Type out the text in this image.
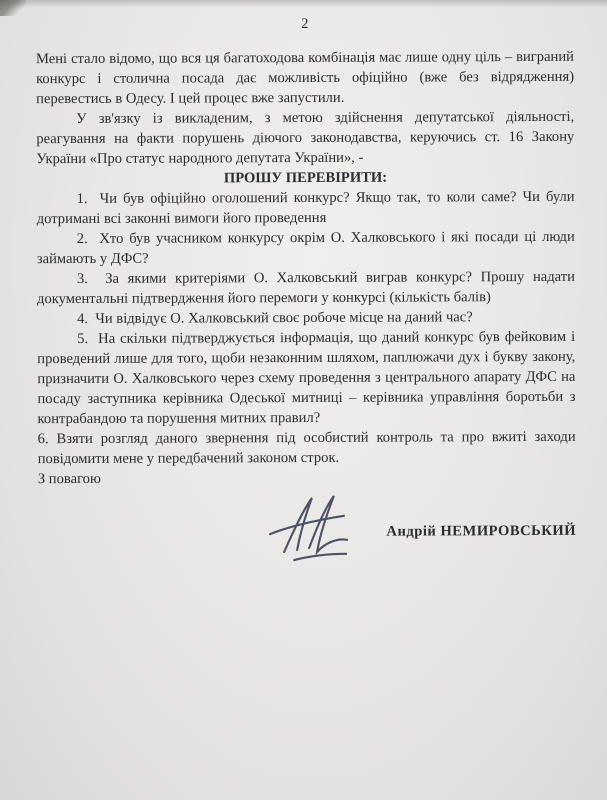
2

Мені стало відомо, що вся ця багатоходова комбінація має лише одну ціль – виграний конкурс і столична посада дає можливість офіційно (вже без відрядження) перевестись в Одесу. І цей процес вже запустили.

У зв'язку із викладеним, з метою здійснення депутатської діяльності, реагування на факти порушень діючого законодавства, керуючись ст. 16 Закону України «Про статус народного депутата України», -

ПРОШУ ПЕРЕВІРИТИ:

1.  Чи був офіційно оголошений конкурс? Якщо так, то коли саме? Чи були дотримані всі законні вимоги його проведення

2.  Хто був учасником конкурсу окрім О. Халковського і які посади ці люди займають у ДФС?

3.  За якими критеріями О. Халковський виграв конкурс? Прошу надати документальні підтвердження його перемоги у конкурсі (кількість балів)

4.  Чи відвідує О. Халковський своє робоче місце на даний час?

5.  На скільки підтверджується інформація, що даний конкурс був фейковим і проведений лише для того, щоби незаконним шляхом, паплюжачи дух і букву закону, призначити О. Халковського через схему проведення з центрального апарату ДФС на посаду заступника керівника Одеської митниці – керівника управління боротьби з контрабандою та порушення митних правил?

6. Взяти розгляд даного звернення під особистий контроль та про вжиті заходи повідомити мене у передбачений законом строк.

З повагою

Андрій НЕМИРОВСЬКИЙ
